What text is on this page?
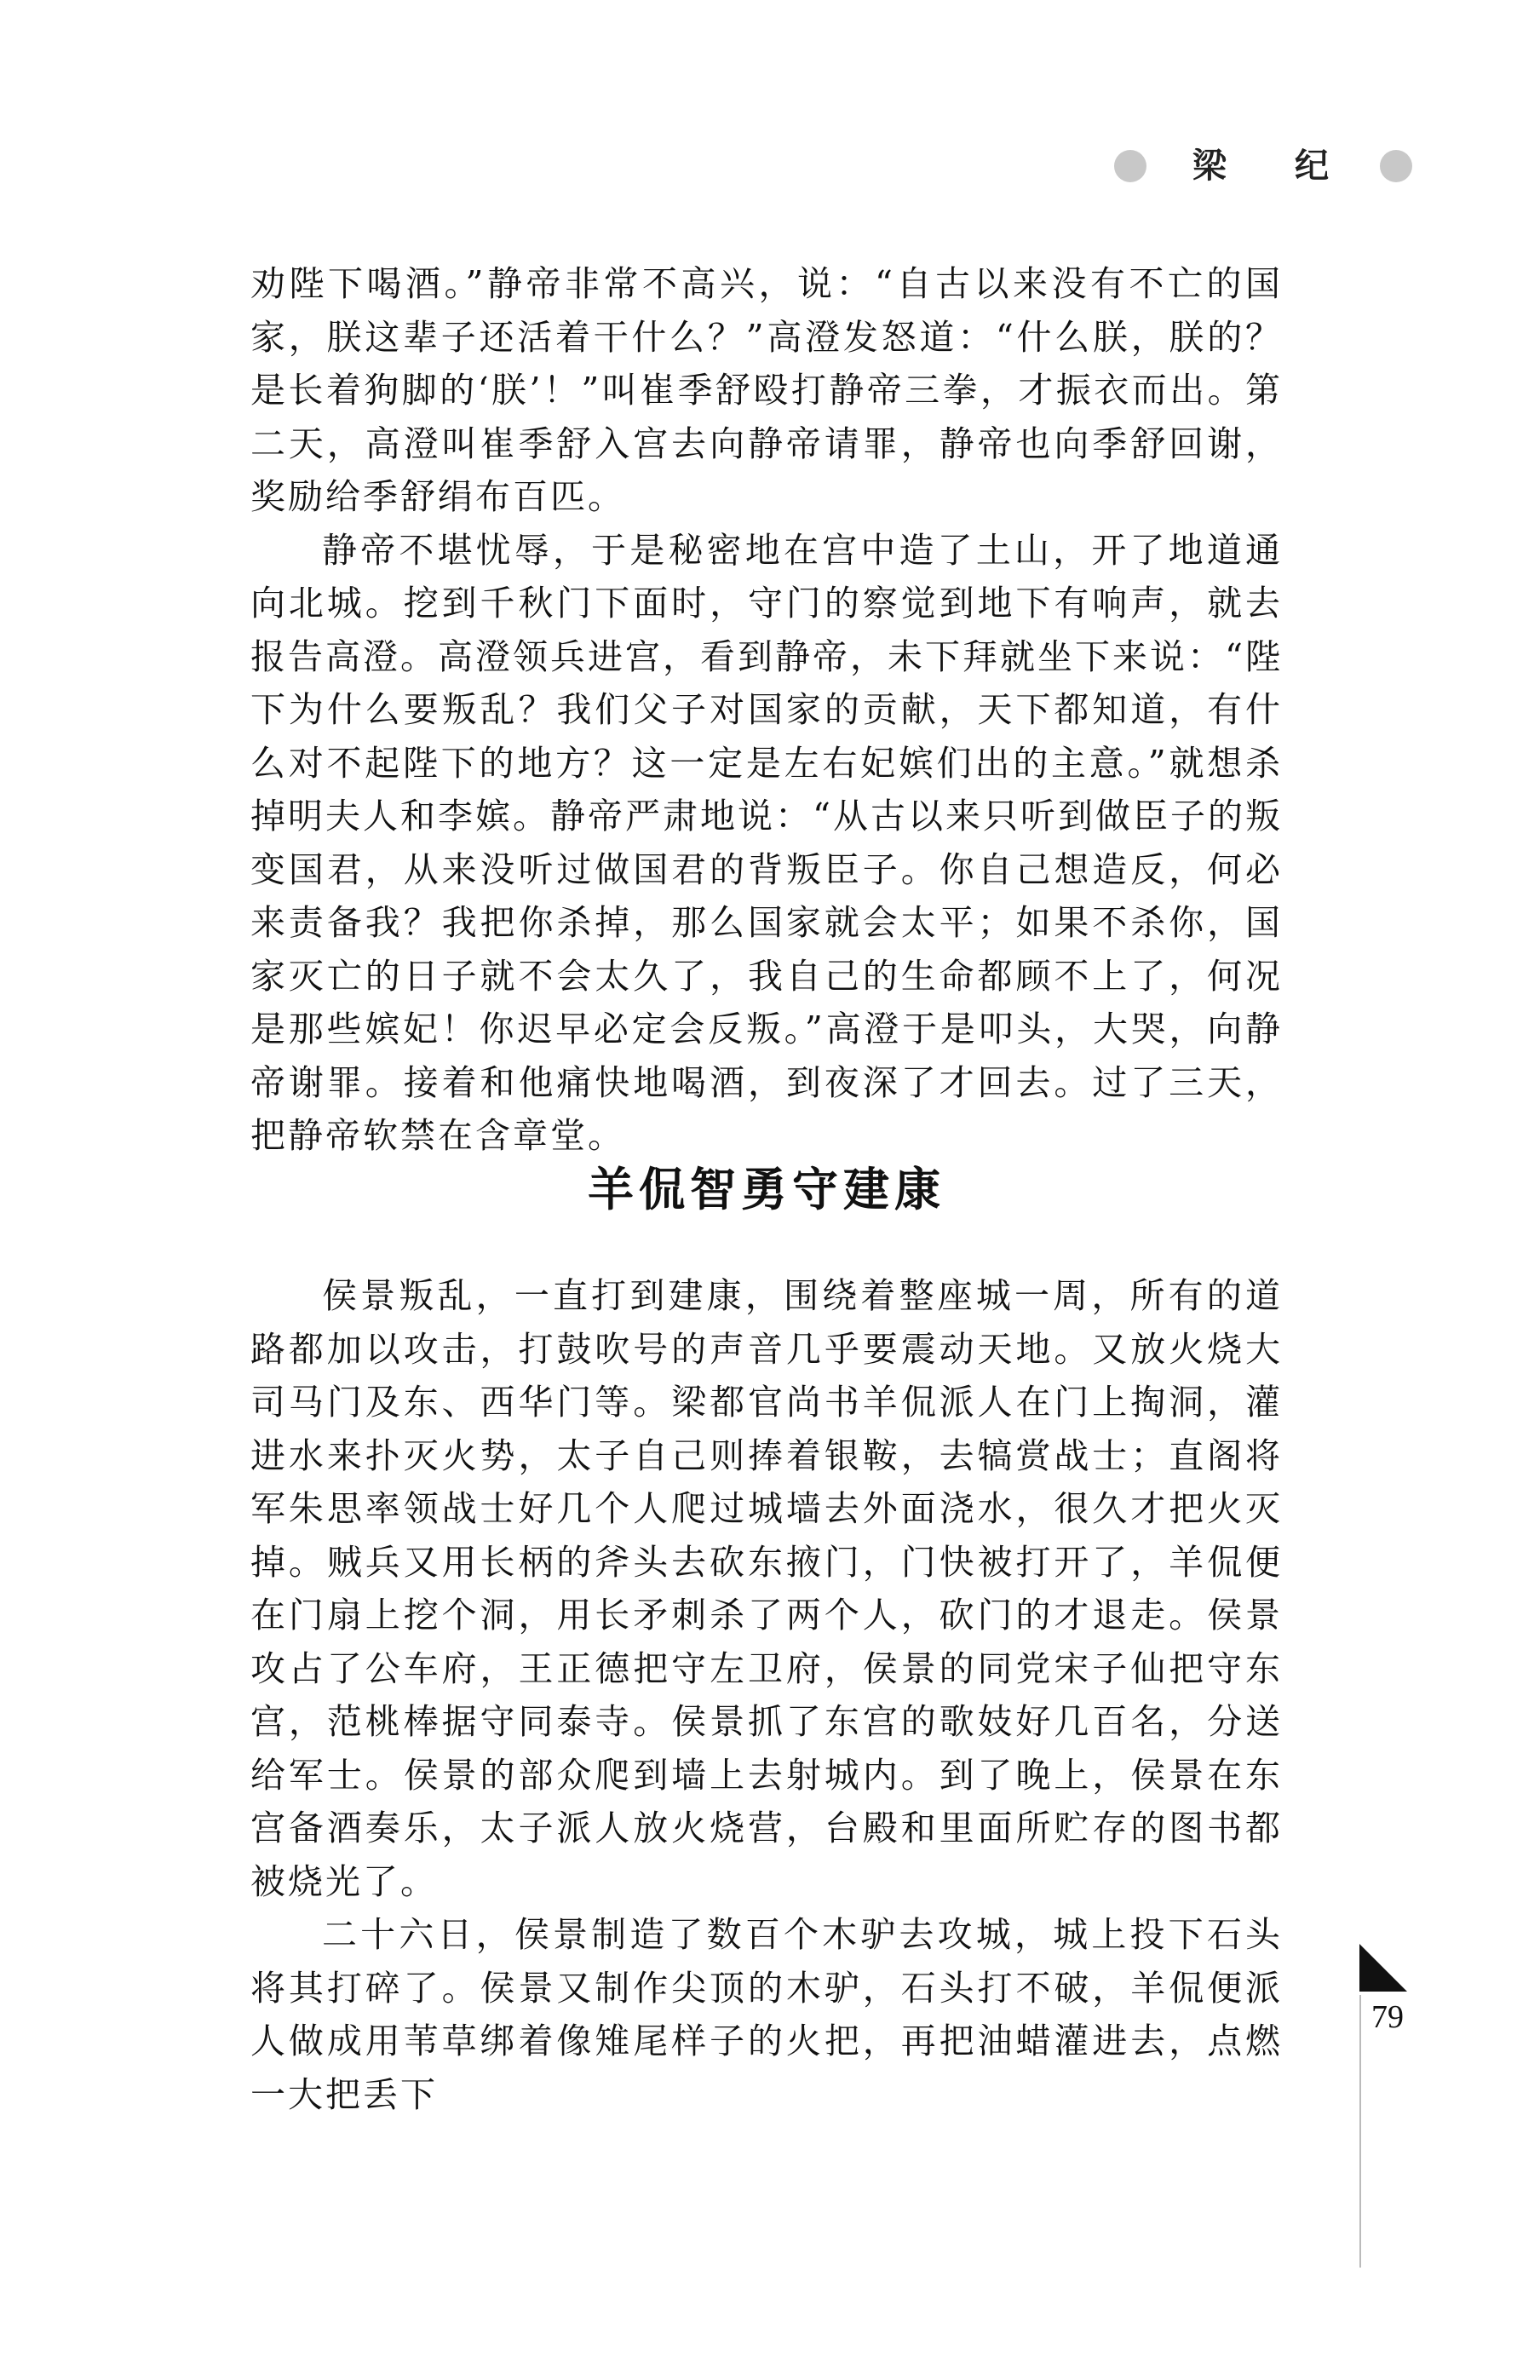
梁 纪

劝陛下喝酒。”静帝非常不高兴，说：“自古以来没有不亡的国家，朕这辈子还活着干什么？”高澄发怒道：“什么朕，朕的？是长着狗脚的‘朕’！”叫崔季舒殴打静帝三拳，才振衣而出。第二天，高澄叫崔季舒入宫去向静帝请罪，静帝也向季舒回谢，奖励给季舒绢布百匹。

静帝不堪忧辱，于是秘密地在宫中造了土山，开了地道通向北城。挖到千秋门下面时，守门的察觉到地下有响声，就去报告高澄。高澄领兵进宫，看到静帝，未下拜就坐下来说：“陛下为什么要叛乱？我们父子对国家的贡献，天下都知道，有什么对不起陛下的地方？这一定是左右妃嫔们出的主意。”就想杀掉明夫人和李嫔。静帝严肃地说：“从古以来只听到做臣子的叛变国君，从来没听过做国君的背叛臣子。你自己想造反，何必来责备我？我把你杀掉，那么国家就会太平；如果不杀你，国家灭亡的日子就不会太久了，我自己的生命都顾不上了，何况是那些嫔妃！你迟早必定会反叛。”高澄于是叩头，大哭，向静帝谢罪。接着和他痛快地喝酒，到夜深了才回去。过了三天，把静帝软禁在含章堂。

羊侃智勇守建康

侯景叛乱，一直打到建康，围绕着整座城一周，所有的道路都加以攻击，打鼓吹号的声音几乎要震动天地。又放火烧大司马门及东、西华门等。梁都官尚书羊侃派人在门上掏洞，灌进水来扑灭火势，太子自己则捧着银鞍，去犒赏战士；直阁将军朱思率领战士好几个人爬过城墙去外面浇水，很久才把火灭掉。贼兵又用长柄的斧头去砍东掖门，门快被打开了，羊侃便在门扇上挖个洞，用长矛刺杀了两个人，砍门的才退走。侯景攻占了公车府，王正德把守左卫府，侯景的同党宋子仙把守东宫，范桃棒据守同泰寺。侯景抓了东宫的歌妓好几百名，分送给军士。侯景的部众爬到墙上去射城内。到了晚上，侯景在东宫备酒奏乐，太子派人放火烧营，台殿和里面所贮存的图书都被烧光了。

二十六日，侯景制造了数百个木驴去攻城，城上投下石头将其打碎了。侯景又制作尖顶的木驴，石头打不破，羊侃便派人做成用苇草绑着像雉尾样子的火把，再把油蜡灌进去，点燃一大把丢下

79
